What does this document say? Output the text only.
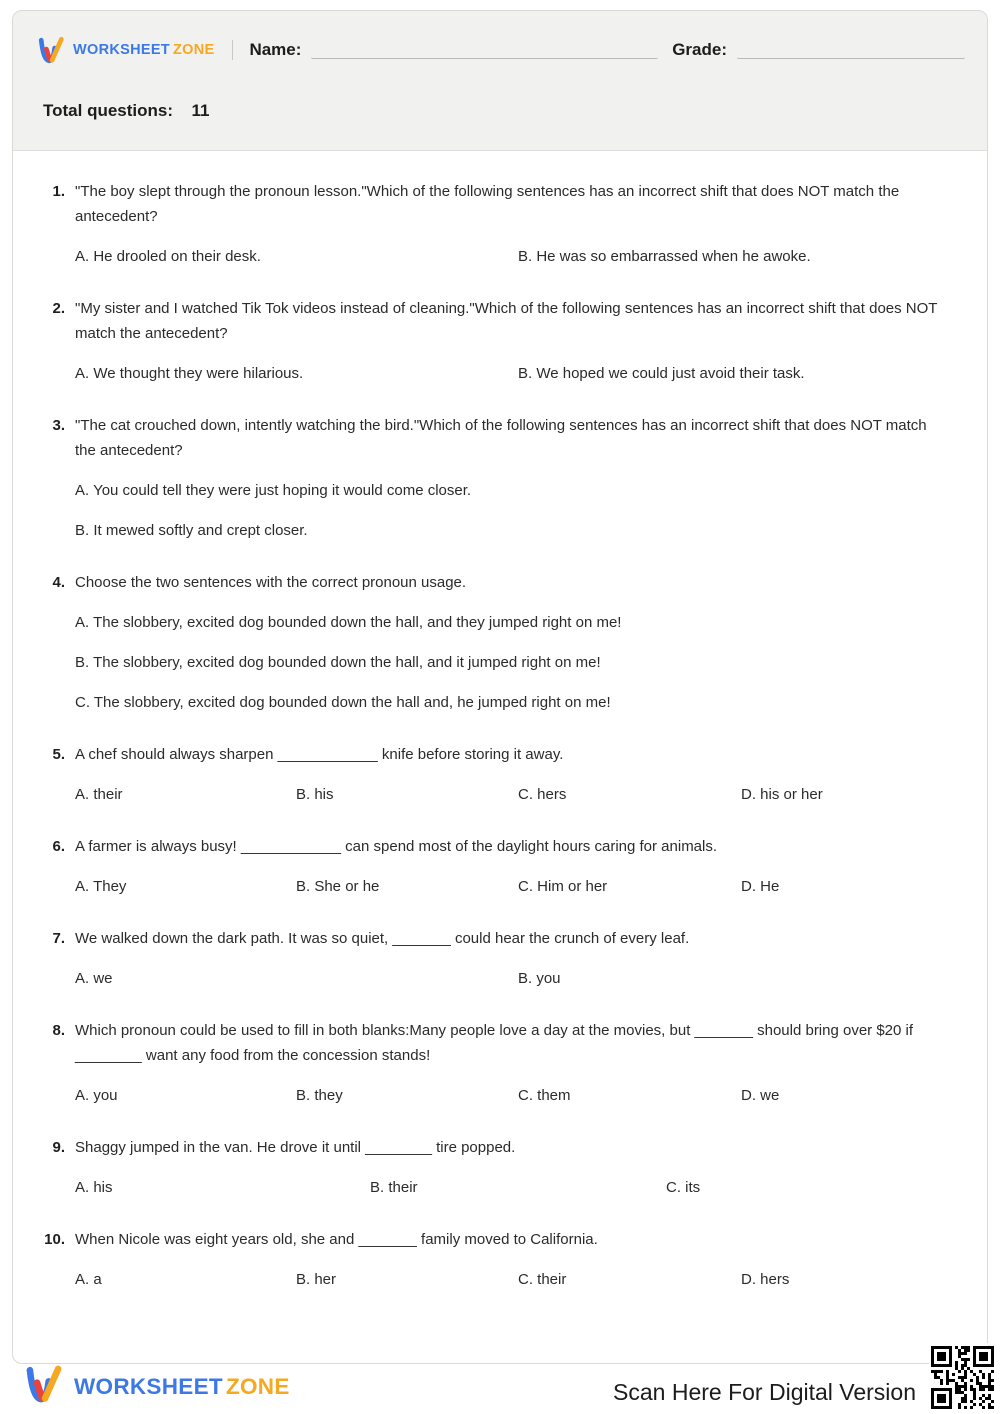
WORKSHEET ZONE Name:	Grade:
Total questions: 11
1. "The boy slept through the pronoun lesson."Which of the following sentences has an incorrect shift that does NOT match the antecedent?
A. He drooled on their desk.	B. He was so embarrassed when he awoke.
2. "My sister and I watched Tik Tok videos instead of cleaning."Which of the following sentences has an incorrect shift that does NOT match the antecedent?
A. We thought they were hilarious.	B. We hoped we could just avoid their task.
3. "The cat crouched down, intently watching the bird."Which of the following sentences has an incorrect shift that does NOT match the antecedent?
A. You could tell they were just hoping it would come closer.
B. It mewed softly and crept closer.
4. Choose the two sentences with the correct pronoun usage.
A. The slobbery, excited dog bounded down the hall, and they jumped right on me!
B. The slobbery, excited dog bounded down the hall, and it jumped right on me!
C. The slobbery, excited dog bounded down the hall and, he jumped right on me!
5. A chef should always sharpen ____________ knife before storing it away.
A. their	B. his	C. hers	D. his or her
6. A farmer is always busy! ____________ can spend most of the daylight hours caring for animals.
A. They	B. She or he	C. Him or her	D. He
7. We walked down the dark path. It was so quiet, _______ could hear the crunch of every leaf.
A. we	B. you
8. Which pronoun could be used to fill in both blanks:Many people love a day at the movies, but _______ should bring over $20 if ________ want any food from the concession stands!
A. you	B. they	C. them	D. we
9. Shaggy jumped in the van. He drove it until ________ tire popped.
A. his	B. their	C. its
10. When Nicole was eight years old, she and _______ family moved to California.
A. a	B. her	C. their	D. hers
WORKSHEET ZONE	Scan Here For Digital Version
